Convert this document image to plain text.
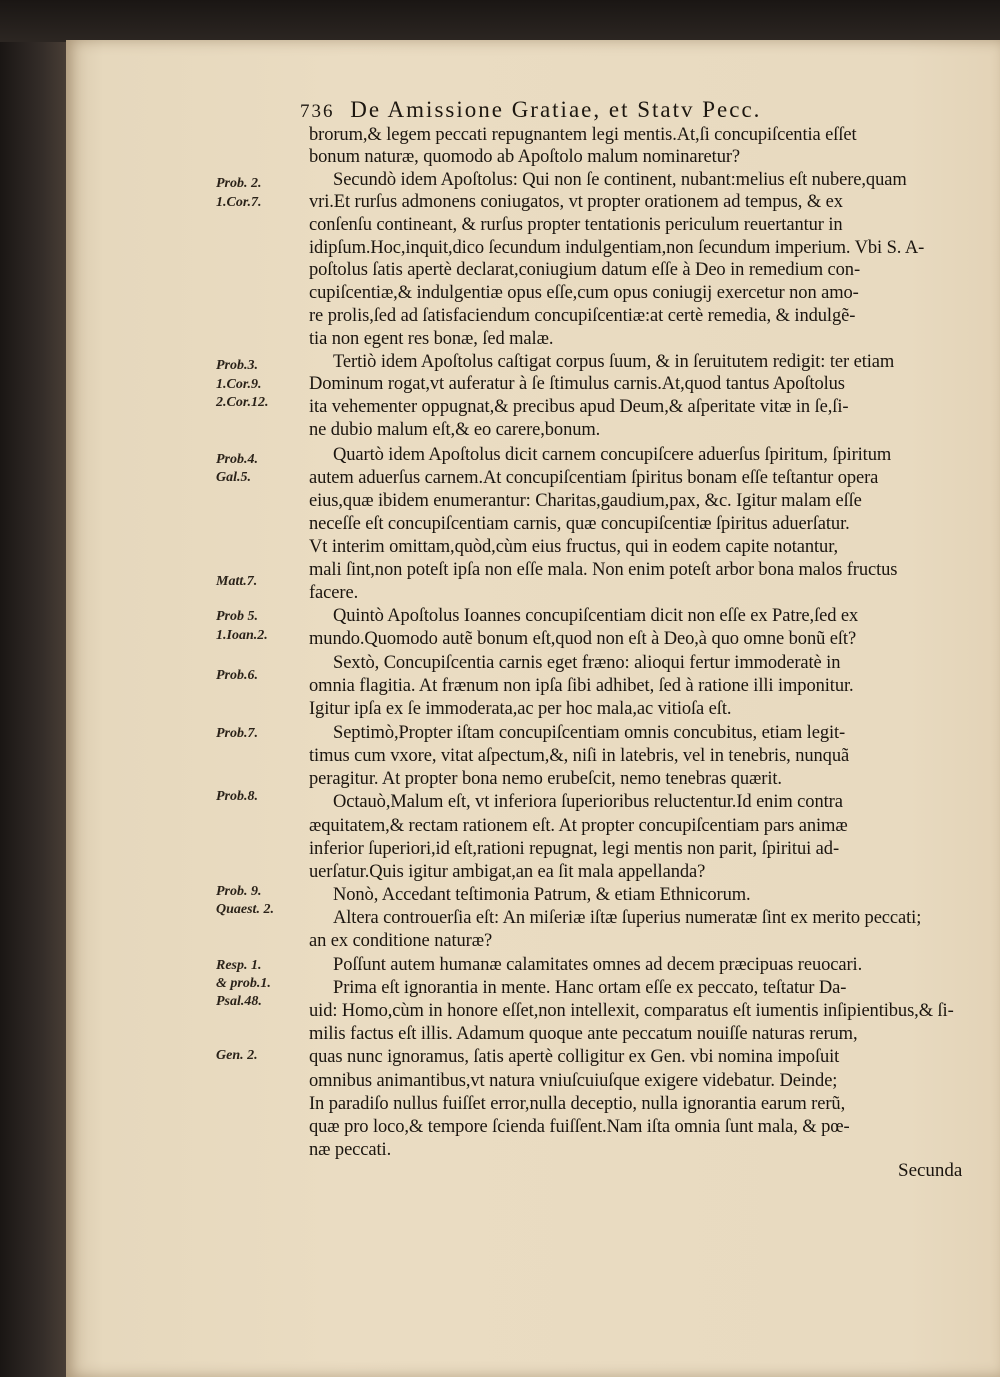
736 De Amissione Gratiae, et Statv Pecc.
Prob. 2.
1.Cor.7.
Prob.3.
1.Cor.9.
2.Cor.12.
Prob.4.
Gal.5.
Matt.7.
Prob 5.
1.Ioan.2.
Prob.6.
Prob.7.
Prob.8.
Prob. 9.
Quaest. 2.
Resp. 1.
& prob.1.
Psal.48.
Gen. 2.
brorum,& legem peccati repugnantem legi mentis.At,ſi concupiſcentia eſſet
bonum naturæ, quomodo ab Apoſtolo malum nominaretur?
Secundò idem Apoſtolus: Qui non ſe continent, nubant:melius eſt nubere,quam
vri.Et rurſus admonens coniugatos, vt propter orationem ad tempus, & ex
conſenſu contineant, & rurſus propter tentationis periculum reuertantur in
idipſum.Hoc,inquit,dico ſecundum indulgentiam,non ſecundum imperium. Vbi S. A-
poſtolus ſatis apertè declarat,coniugium datum eſſe à Deo in remedium con-
cupiſcentiæ,& indulgentiæ opus eſſe,cum opus coniugij exercetur non amo-
re prolis,ſed ad ſatisfaciendum concupiſcentiæ:at certè remedia, & indulgẽ-
tia non egent res bonæ, ſed malæ.
Tertiò idem Apoſtolus caſtigat corpus ſuum, & in ſeruitutem redigit: ter etiam
Dominum rogat,vt auferatur à ſe ſtimulus carnis.At,quod tantus Apoſtolus
ita vehementer oppugnat,& precibus apud Deum,& aſperitate vitæ in ſe,ſi-
ne dubio malum eſt,& eo carere,bonum.
Quartò idem Apoſtolus dicit carnem concupiſcere aduerſus ſpiritum, ſpiritum
autem aduerſus carnem.At concupiſcentiam ſpiritus bonam eſſe teſtantur opera
eius,quæ ibidem enumerantur: Charitas,gaudium,pax, &c. Igitur malam eſſe
neceſſe eſt concupiſcentiam carnis, quæ concupiſcentiæ ſpiritus aduerſatur.
Vt interim omittam,quòd,cùm eius fructus, qui in eodem capite notantur,
mali ſint,non poteſt ipſa non eſſe mala. Non enim poteſt arbor bona malos fructus
facere.
Quintò Apoſtolus Ioannes concupiſcentiam dicit non eſſe ex Patre,ſed ex
mundo.Quomodo autẽ bonum eſt,quod non eſt à Deo,à quo omne bonũ eſt?
Sextò, Concupiſcentia carnis eget fræno: alioqui fertur immoderatè in
omnia flagitia. At frænum non ipſa ſibi adhibet, ſed à ratione illi imponitur.
Igitur ipſa ex ſe immoderata,ac per hoc mala,ac vitioſa eſt.
Septimò,Propter iſtam concupiſcentiam omnis concubitus, etiam legit-
timus cum vxore, vitat aſpectum,&, niſi in latebris, vel in tenebris, nunquã
peragitur. At propter bona nemo erubeſcit, nemo tenebras quærit.
Octauò,Malum eſt, vt inferiora ſuperioribus reluctentur.Id enim contra
æquitatem,& rectam rationem eſt. At propter concupiſcentiam pars animæ
inferior ſuperiori,id eſt,rationi repugnat, legi mentis non parit, ſpiritui ad-
uerſatur.Quis igitur ambigat,an ea ſit mala appellanda?
Nonò, Accedant teſtimonia Patrum, & etiam Ethnicorum.
Altera controuerſia eſt: An miſeriæ iſtæ ſuperius numeratæ ſint ex merito peccati;
an ex conditione naturæ?
Poſſunt autem humanæ calamitates omnes ad decem præcipuas reuocari.
Prima eſt ignorantia in mente. Hanc ortam eſſe ex peccato, teſtatur Da-
uid: Homo,cùm in honore eſſet,non intellexit, comparatus eſt iumentis inſipientibus,& ſi-
milis factus eſt illis. Adamum quoque ante peccatum nouiſſe naturas rerum,
quas nunc ignoramus, ſatis apertè colligitur ex Gen. vbi nomina impoſuit
omnibus animantibus,vt natura vniuſcuiuſque exigere videbatur. Deinde;
In paradiſo nullus fuiſſet error,nulla deceptio, nulla ignorantia earum rerũ,
quæ pro loco,& tempore ſcienda fuiſſent.Nam iſta omnia ſunt mala, & pœ-
næ peccati.
Secunda
